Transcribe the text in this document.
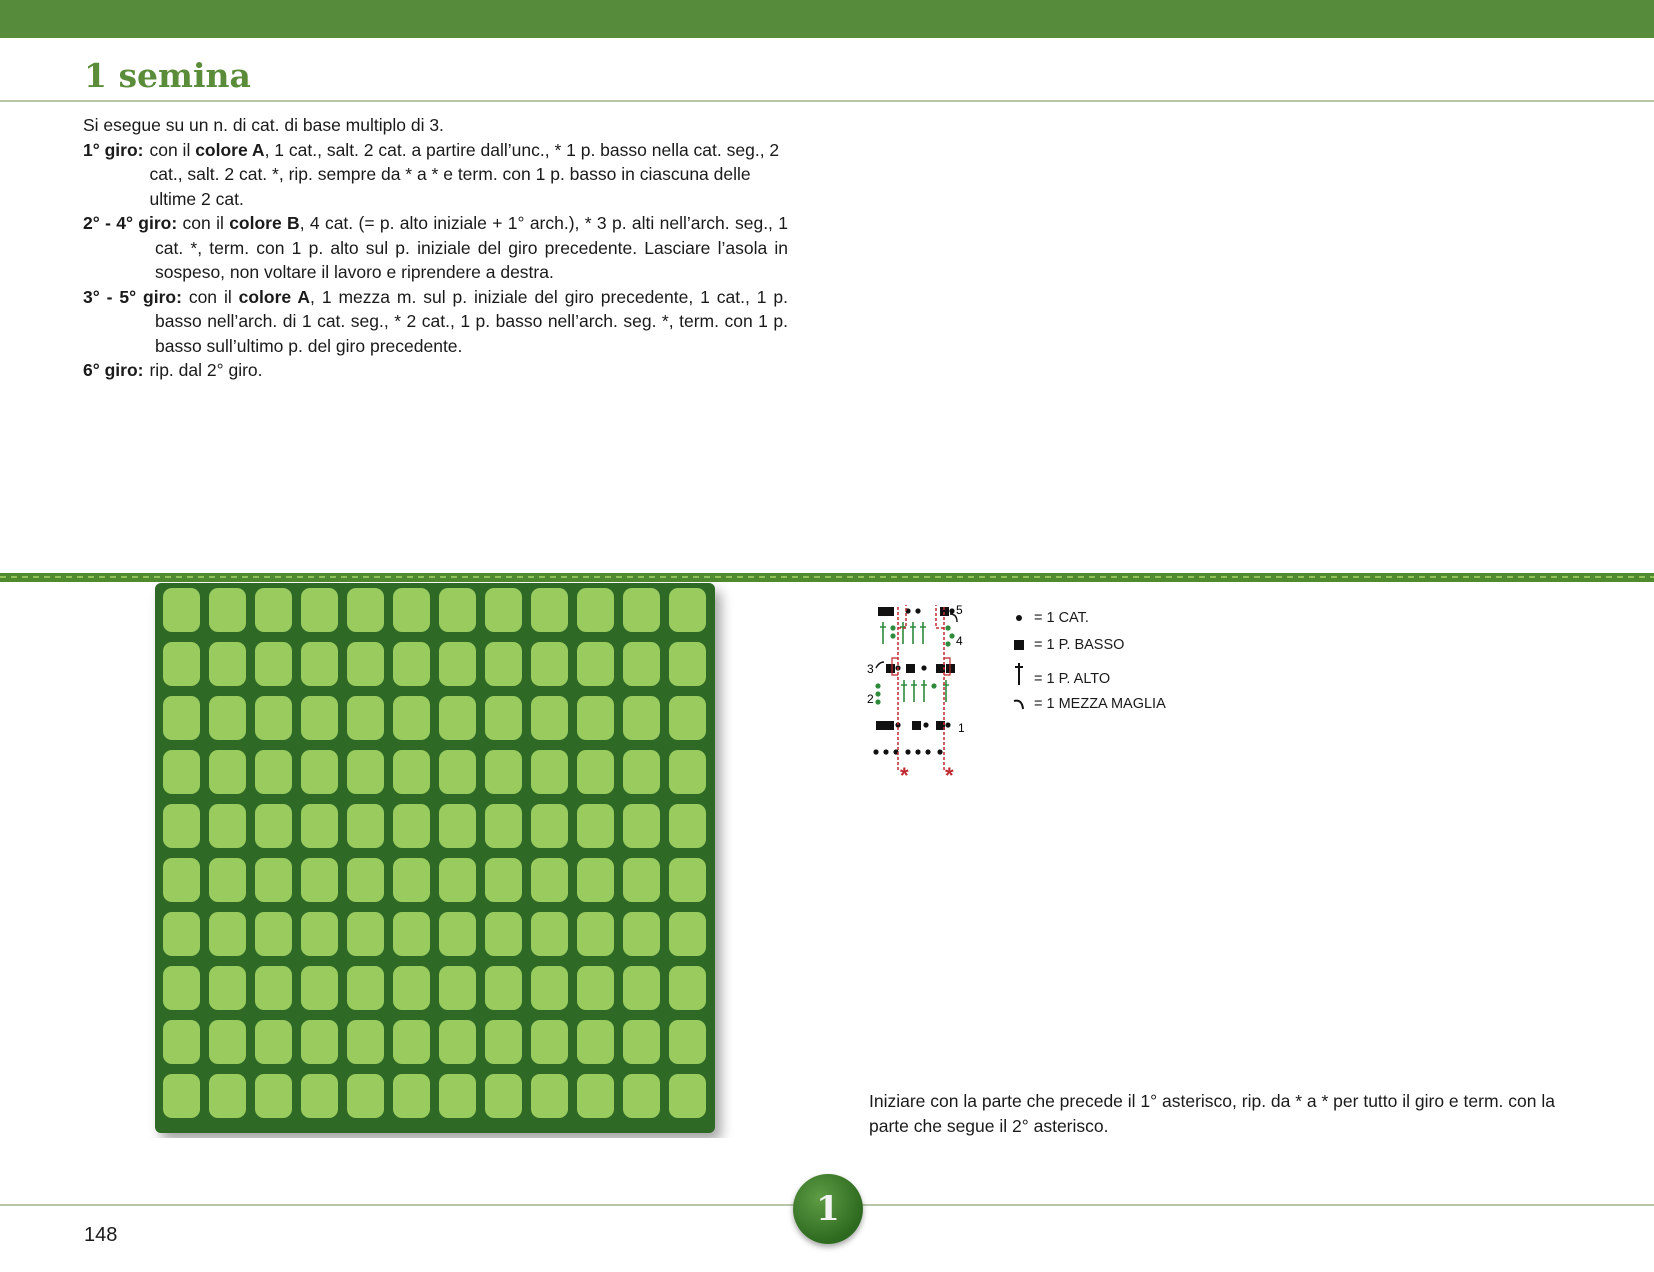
1 semina

Si esegue su un n. di cat. di base multiplo di 3.

1° giro: con il colore A, 1 cat., salt. 2 cat. a partire dall’unc., * 1 p. basso nella cat. seg., 2 cat., salt. 2 cat. *, rip. sempre da * a * e term. con 1 p. basso in ciascuna delle ultime 2 cat.
2° - 4° giro: con il colore B, 4 cat. (= p. alto iniziale + 1° arch.), * 3 p. alti nell’arch. seg., 1 cat. *, term. con 1 p. alto sul p. iniziale del giro precedente. Lasciare l’asola in sospeso, non voltare il lavoro e riprendere a destra.
3° - 5° giro: con il colore A, 1 mezza m. sul p. iniziale del giro precedente, 1 cat., 1 p. basso nell’arch. di 1 cat. seg., * 2 cat., 1 p. basso nell’arch. seg. *, term. con 1 p. basso sull’ultimo p. del giro precedente.
6° giro: rip. dal 2° giro.
5
4
3
2
1
* *
= 1 CAT.
= 1 P. BASSO
= 1 P. ALTO
= 1 MEZZA MAGLIA

Iniziare con la parte che precede il 1° asterisco, rip. da * a * per tutto il giro e term. con la parte che segue il 2° asterisco.

1
148
